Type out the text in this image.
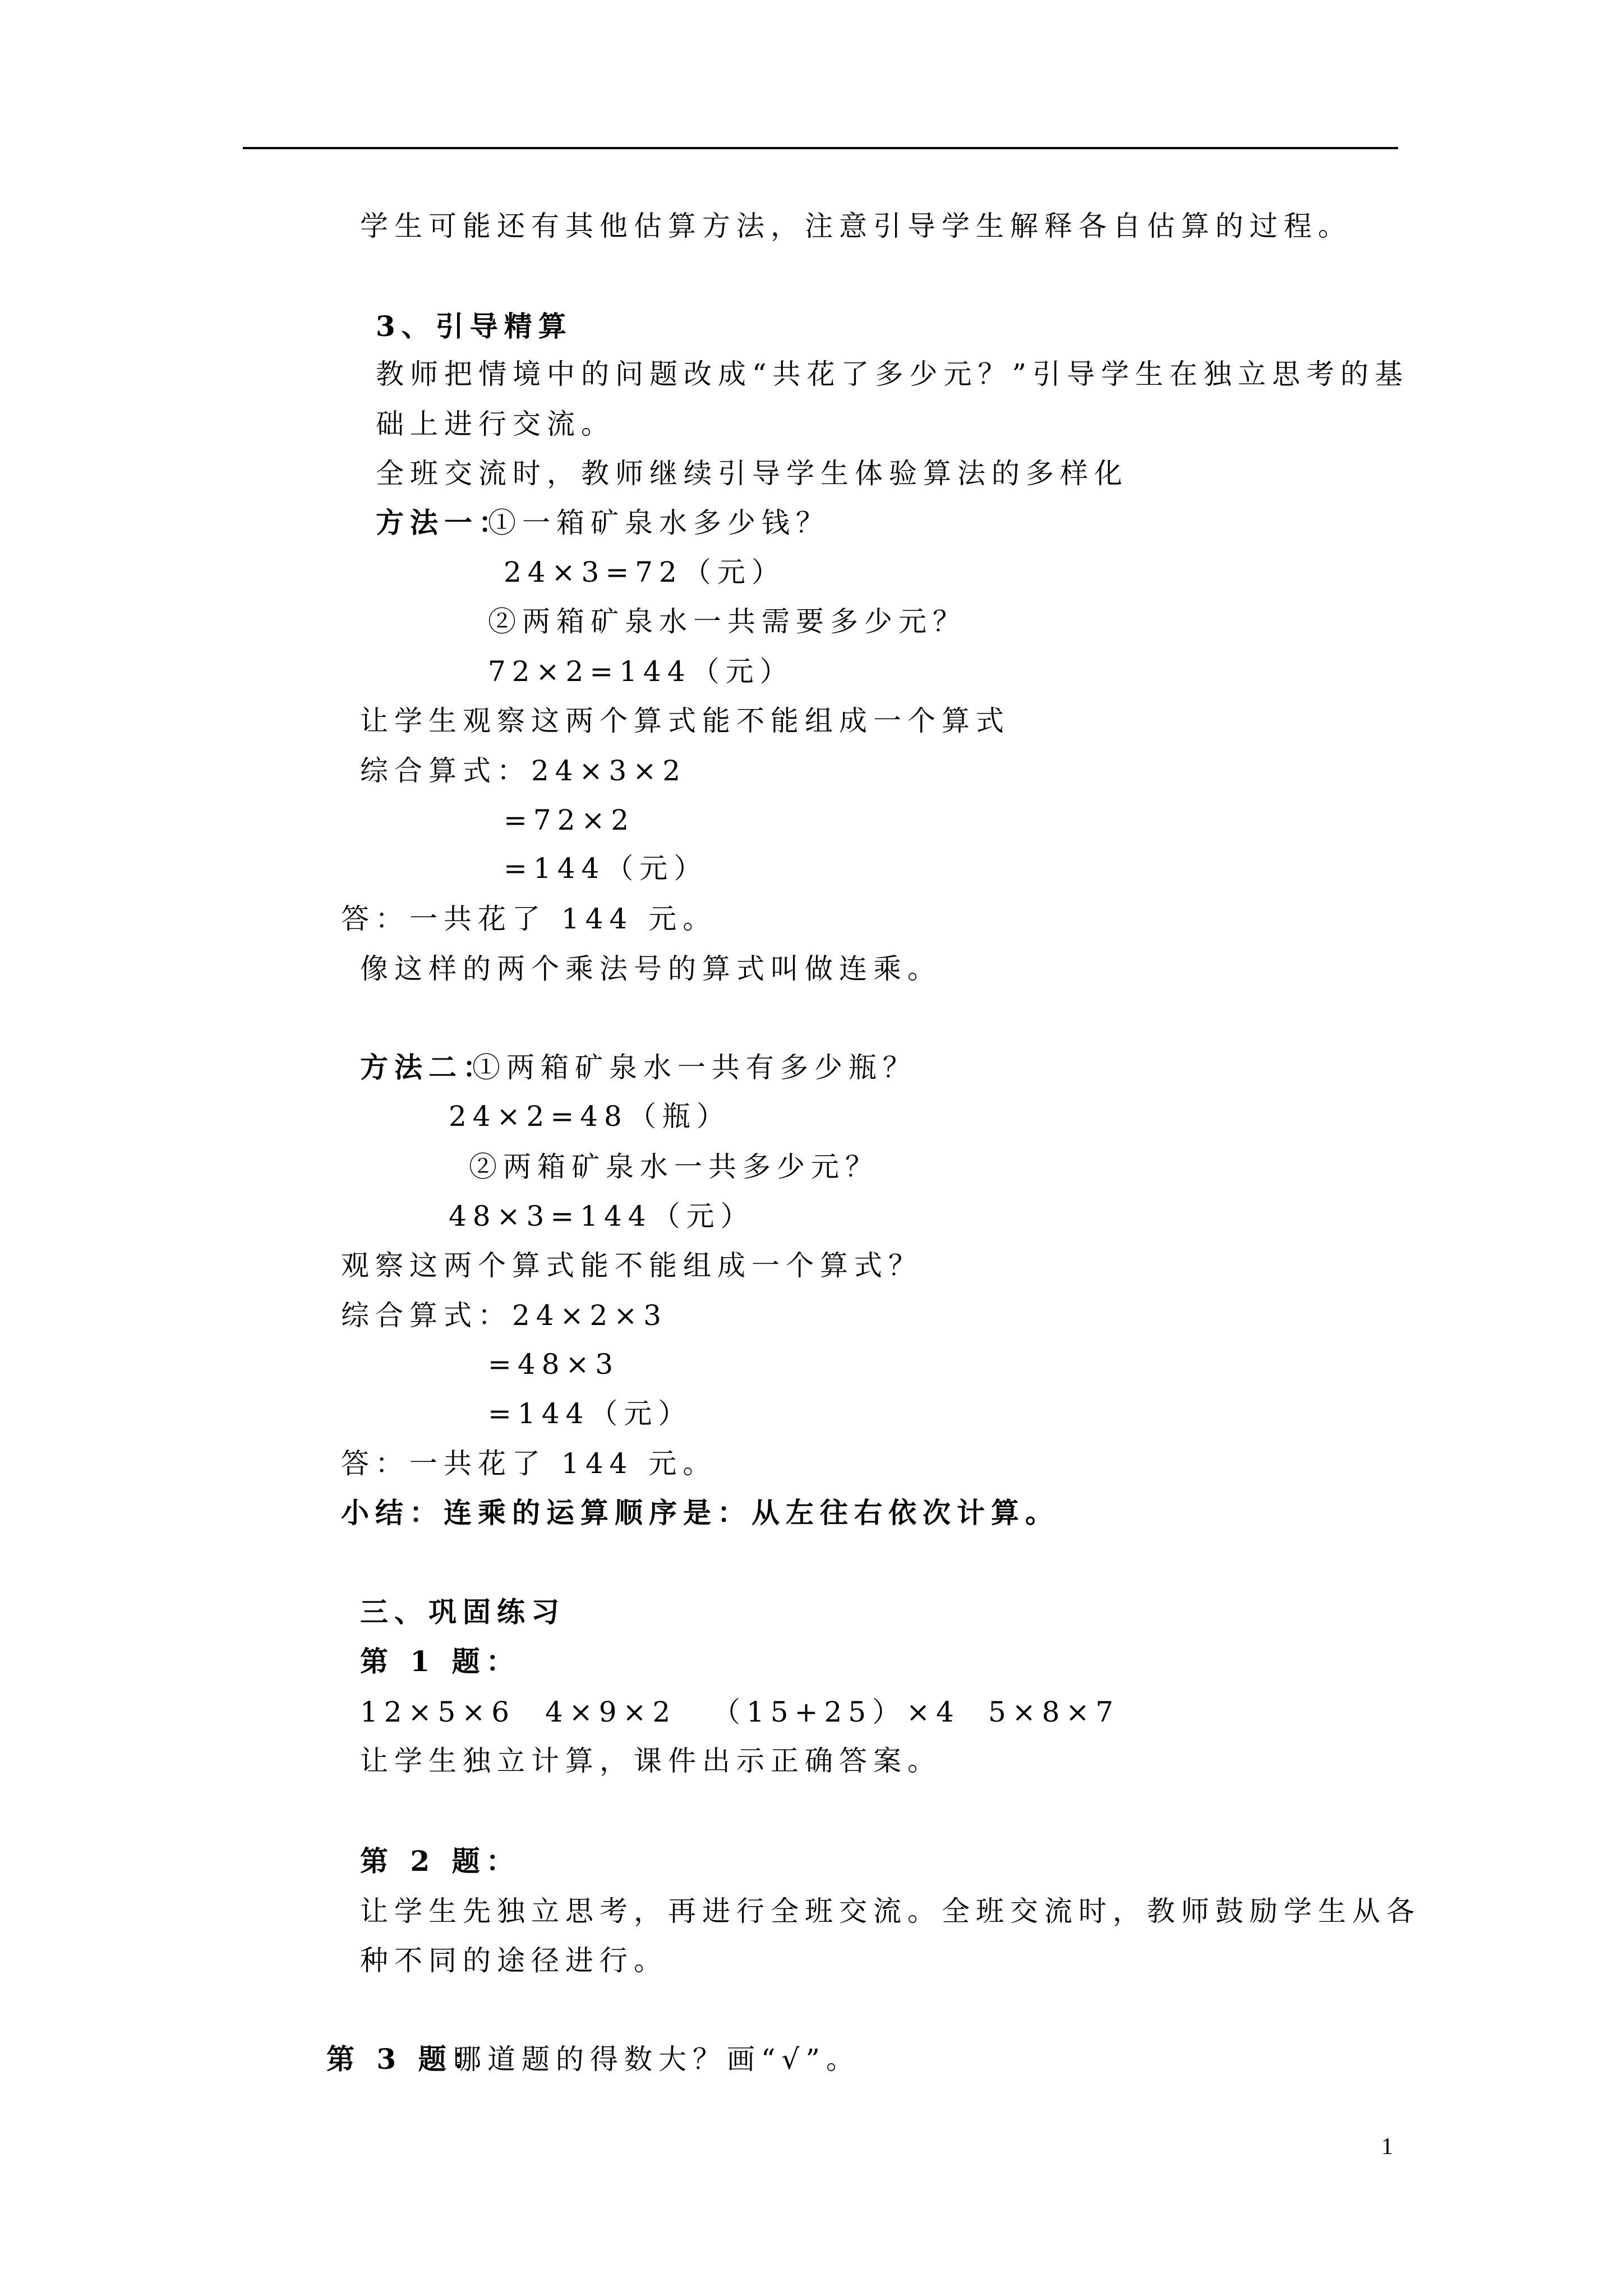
学生可能还有其他估算方法，注意引导学生解释各自估算的过程。
3、引导精算
教师把情境中的问题改成“共花了多少元？”引导学生在独立思考的基
础上进行交流。
全班交流时，教师继续引导学生体验算法的多样化
方法一：
①一箱矿泉水多少钱？
24×3=72（元）
②两箱矿泉水一共需要多少元？
72×2=144（元）
让学生观察这两个算式能不能组成一个算式
综合算式：24×3×2
=72×2
=144（元）
答：一共花了 144 元。
像这样的两个乘法号的算式叫做连乘。
方法二：
①两箱矿泉水一共有多少瓶？
24×2=48（瓶）
②两箱矿泉水一共多少元？
48×3=144（元）
观察这两个算式能不能组成一个算式？
综合算式：24×2×3
=48×3
=144（元）
答：一共花了 144 元。
小结：连乘的运算顺序是：从左往右依次计算。
三、巩固练习
第 1 题：
12×5×6 4×9×2 （15+25）×4 5×8×7
让学生独立计算，课件出示正确答案。
第 2 题：
让学生先独立思考，再进行全班交流。全班交流时，教师鼓励学生从各
种不同的途径进行。
第 3 题：
哪道题的得数大？画“√”。
1
